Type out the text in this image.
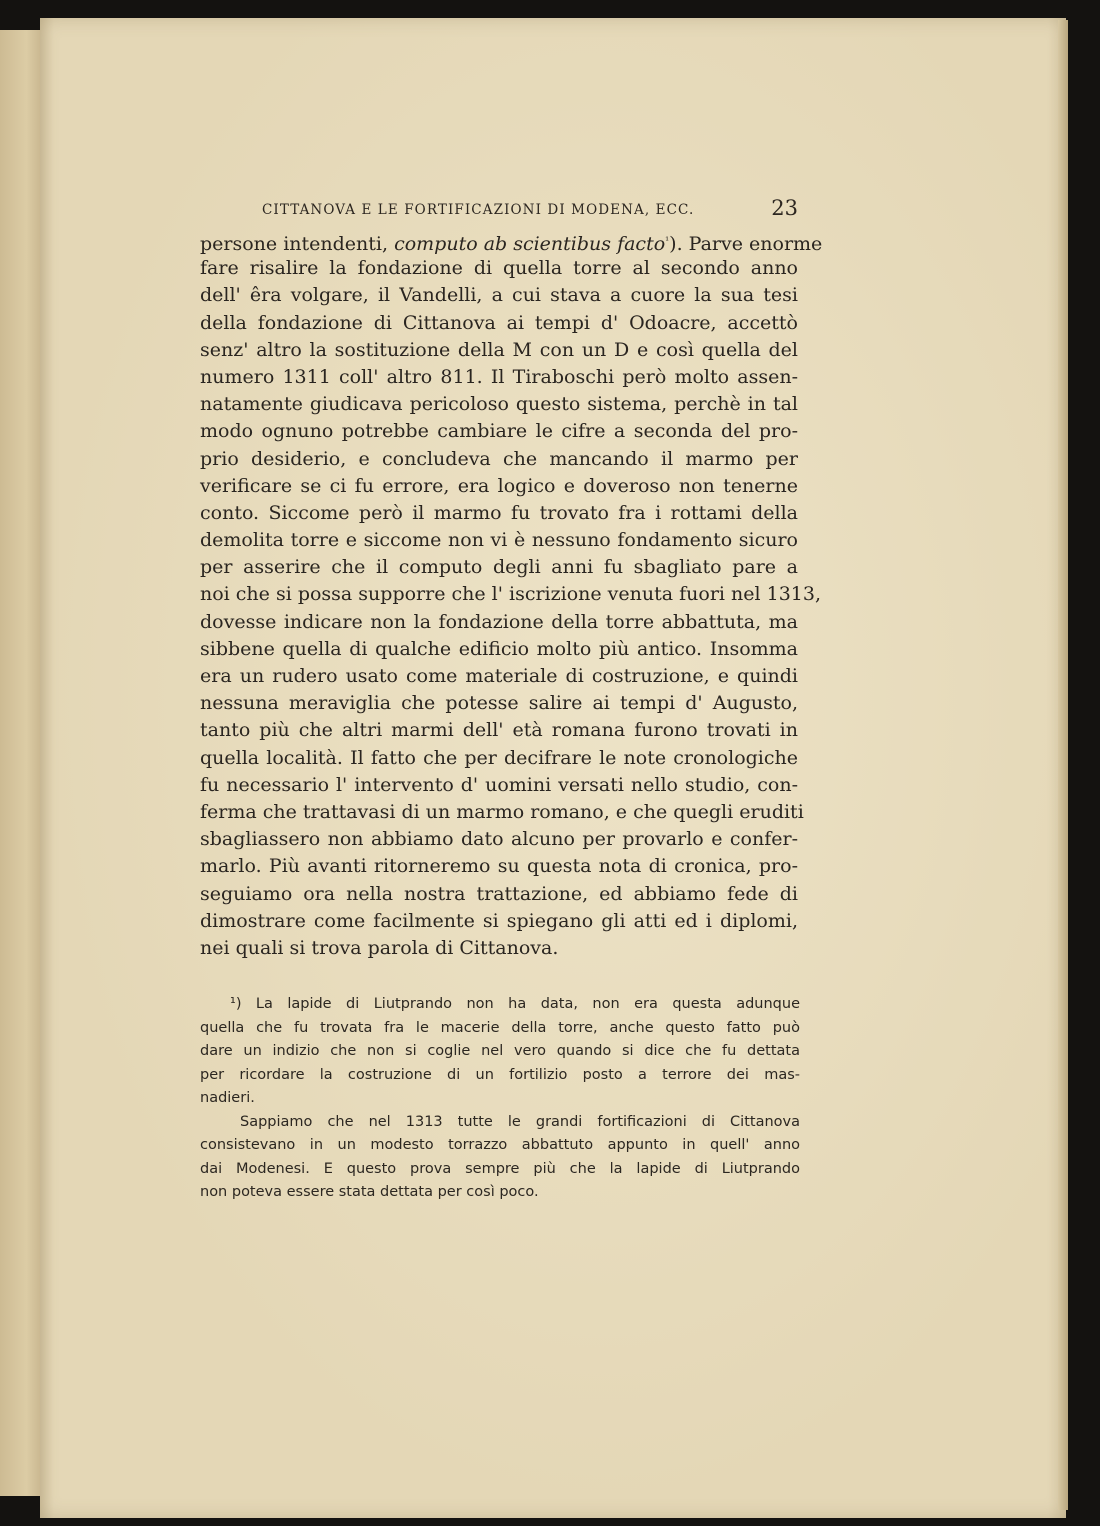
CITTANOVA E LE FORTIFICAZIONI DI MODENA, ECC.	23
persone intendenti, computo ab scientibus facto$^{^1}$). Parve enorme
fare risalire la fondazione di quella torre al secondo anno
dell' êra volgare, il Vandelli, a cui stava a cuore la sua tesi
della fondazione di Cittanova ai tempi d' Odoacre, accettò
senz' altro la sostituzione della M con un D e così quella del
numero 1311 coll' altro 811. Il Tiraboschi però molto assen-
natamente giudicava pericoloso questo sistema, perchè in tal
modo ognuno potrebbe cambiare le cifre a seconda del pro-
prio desiderio, e concludeva che mancando il marmo per
verificare se ci fu errore, era logico e doveroso non tenerne
conto. Siccome però il marmo fu trovato fra i rottami della
demolita torre e siccome non vi è nessuno fondamento sicuro
per asserire che il computo degli anni fu sbagliato pare a
noi che si possa supporre che l' iscrizione venuta fuori nel 1313,
dovesse indicare non la fondazione della torre abbattuta, ma
sibbene quella di qualche edificio molto più antico. Insomma
era un rudero usato come materiale di costruzione, e quindi
nessuna meraviglia che potesse salire ai tempi d' Augusto,
tanto più che altri marmi dell' età romana furono trovati in
quella località. Il fatto che per decifrare le note cronologiche
fu necessario l' intervento d' uomini versati nello studio, con-
ferma che trattavasi di un marmo romano, e che quegli eruditi
sbagliassero non abbiamo dato alcuno per provarlo e confer-
marlo. Più avanti ritorneremo su questa nota di cronica, pro-
seguiamo ora nella nostra trattazione, ed abbiamo fede di
dimostrare come facilmente si spiegano gli atti ed i diplomi,
nei quali si trova parola di Cittanova.
¹) La lapide di Liutprando non ha data, non era questa adunque
quella che fu trovata fra le macerie della torre, anche questo fatto può
dare un indizio che non si coglie nel vero quando si dice che fu dettata
per ricordare la costruzione di un fortilizio posto a terrore dei mas-
nadieri.
Sappiamo che nel 1313 tutte le grandi fortificazioni di Cittanova
consistevano in un modesto torrazzo abbattuto appunto in quell' anno
dai Modenesi. E questo prova sempre più che la lapide di Liutprando
non poteva essere stata dettata per così poco.
